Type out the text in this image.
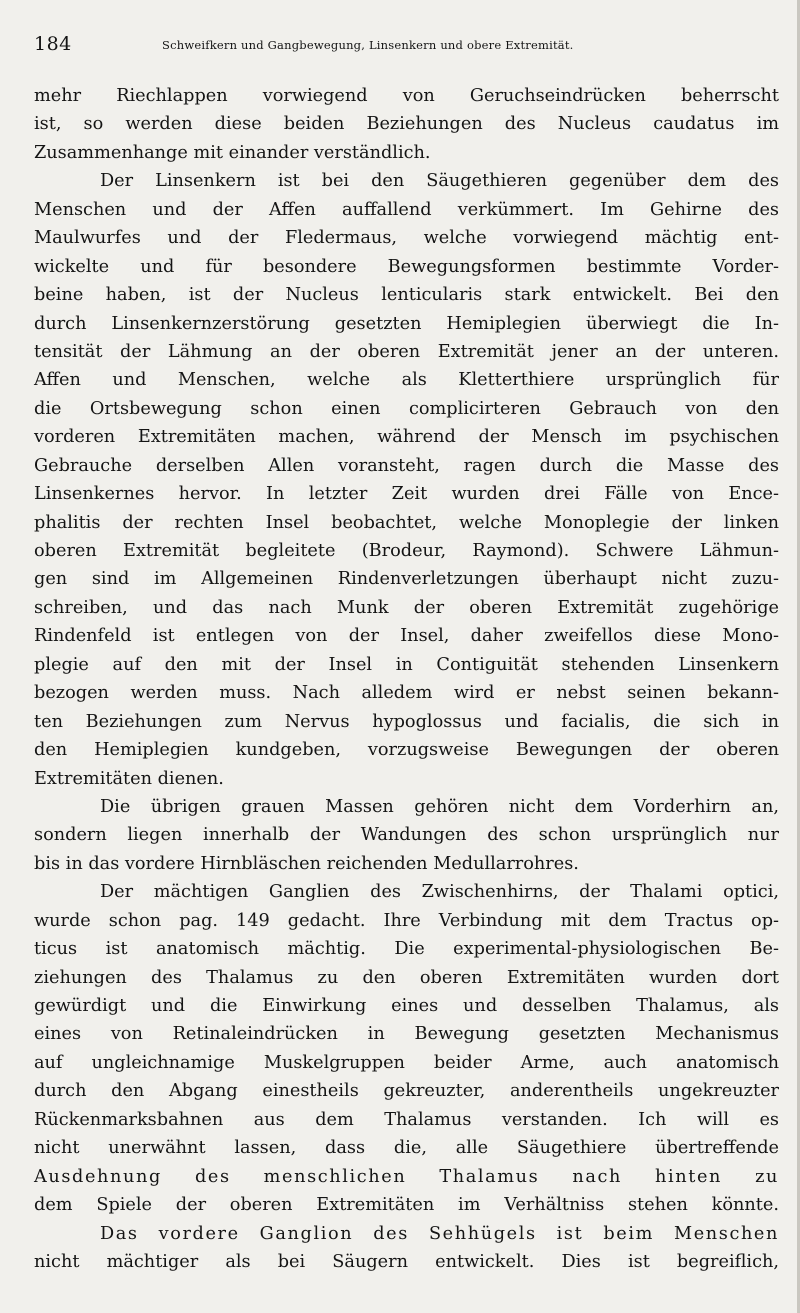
184	Schweifkern und Gangbewegung, Linsenkern und obere Extremität.

mehr Riechlappen vorwiegend von Geruchseindrücken beherrscht
ist, so werden diese beiden Beziehungen des Nucleus caudatus im
Zusammenhange mit einander verständlich.

Der Linsenkern ist bei den Säugethieren gegenüber dem des
Menschen und der Affen auffallend verkümmert. Im Gehirne des
Maulwurfes und der Fledermaus, welche vorwiegend mächtig ent-
wickelte und für besondere Bewegungsformen bestimmte Vorder-
beine haben, ist der Nucleus lenticularis stark entwickelt. Bei den
durch Linsenkernzerstörung gesetzten Hemiplegien überwiegt die In-
tensität der Lähmung an der oberen Extremität jener an der unteren.
Affen und Menschen, welche als Kletterthiere ursprünglich für
die Ortsbewegung schon einen complicirteren Gebrauch von den
vorderen Extremitäten machen, während der Mensch im psychischen
Gebrauche derselben Allen voransteht, ragen durch die Masse des
Linsenkernes hervor. In letzter Zeit wurden drei Fälle von Ence-
phalitis der rechten Insel beobachtet, welche Monoplegie der linken
oberen Extremität begleitete (Brodeur, Raymond). Schwere Lähmun-
gen sind im Allgemeinen Rindenverletzungen überhaupt nicht zuzu-
schreiben, und das nach Munk der oberen Extremität zugehörige
Rindenfeld ist entlegen von der Insel, daher zweifellos diese Mono-
plegie auf den mit der Insel in Contiguität stehenden Linsenkern
bezogen werden muss. Nach alledem wird er nebst seinen bekann-
ten Beziehungen zum Nervus hypoglossus und facialis, die sich in
den Hemiplegien kundgeben, vorzugsweise Bewegungen der oberen
Extremitäten dienen.

Die übrigen grauen Massen gehören nicht dem Vorderhirn an,
sondern liegen innerhalb der Wandungen des schon ursprünglich nur
bis in das vordere Hirnbläschen reichenden Medullarrohres.

Der mächtigen Ganglien des Zwischenhirns, der Thalami optici,
wurde schon pag. 149 gedacht. Ihre Verbindung mit dem Tractus op-
ticus ist anatomisch mächtig. Die experimental-physiologischen Be-
ziehungen des Thalamus zu den oberen Extremitäten wurden dort
gewürdigt und die Einwirkung eines und desselben Thalamus, als
eines von Retinaleindrücken in Bewegung gesetzten Mechanismus
auf ungleichnamige Muskelgruppen beider Arme, auch anatomisch
durch den Abgang einestheils gekreuzter, anderentheils ungekreuzter
Rückenmarksbahnen aus dem Thalamus verstanden. Ich will es
nicht unerwähnt lassen, dass die, alle Säugethiere übertreffende
Ausdehnung des menschlichen Thalamus nach hinten zu
dem Spiele der oberen Extremitäten im Verhältniss stehen könnte.

Das vordere Ganglion des Sehhügels ist beim Menschen
nicht mächtiger als bei Säugern entwickelt. Dies ist begreiflich,
